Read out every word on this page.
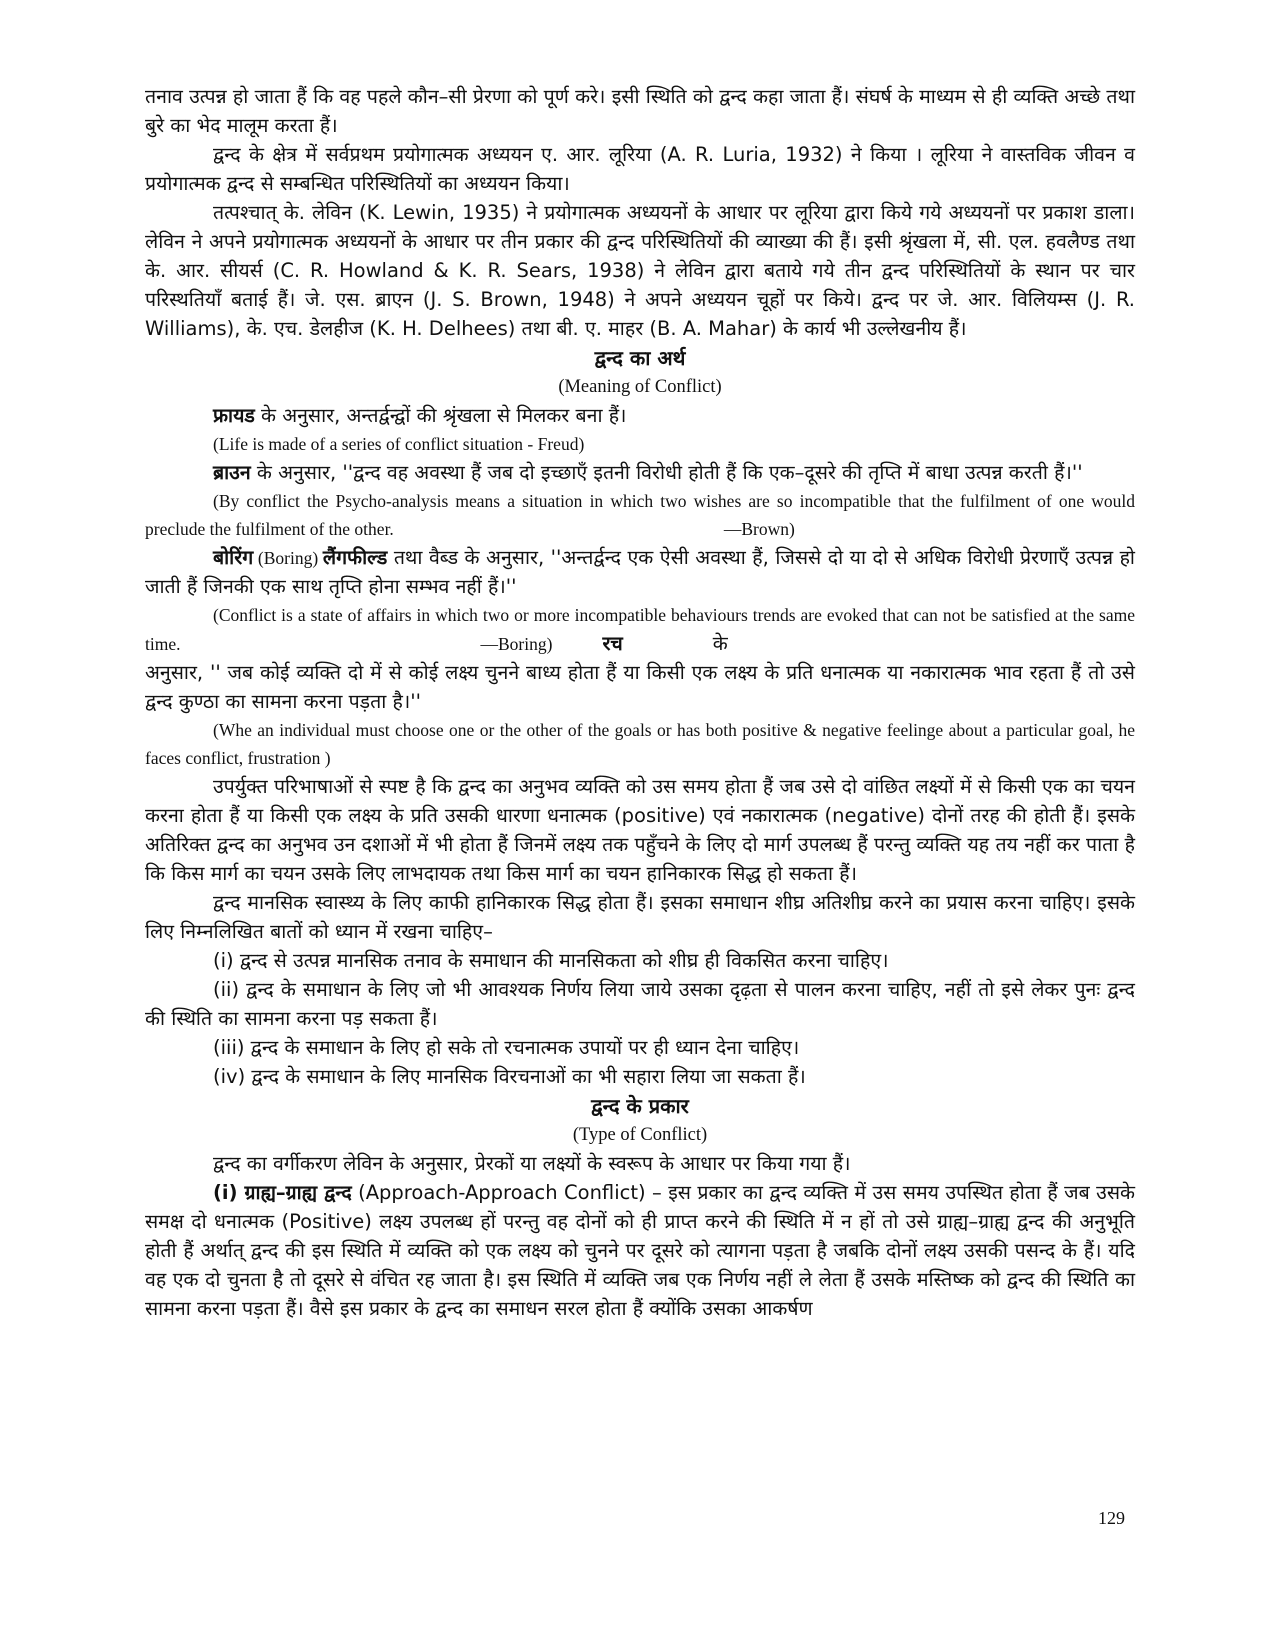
तनाव उत्पन्न हो जाता हैं कि वह पहले कौन–सी प्रेरणा को पूर्ण करे। इसी स्थिति को द्वन्द कहा जाता हैं। संघर्ष के माध्यम से ही व्यक्ति अच्छे तथा बुरे का भेद मालूम करता हैं।

द्वन्द के क्षेत्र में सर्वप्रथम प्रयोगात्मक अध्ययन ए. आर. लूरिया (A. R. Luria, 1932) ने किया । लूरिया ने वास्तविक जीवन व प्रयोगात्मक द्वन्द से सम्बन्धित परिस्थितियों का अध्ययन किया।

तत्पश्चात् के. लेविन (K. Lewin, 1935) ने प्रयोगात्मक अध्ययनों के आधार पर लूरिया द्वारा किये गये अध्ययनों पर प्रकाश डाला। लेविन ने अपने प्रयोगात्मक अध्ययनों के आधार पर तीन प्रकार की द्वन्द परिस्थितियों की व्याख्या की हैं। इसी श्रृंखला में, सी. एल. हवलैण्ड तथा के. आर. सीयर्स (C. R. Howland & K. R. Sears, 1938) ने लेविन द्वारा बताये गये तीन द्वन्द परिस्थितियों के स्थान पर चार परिस्थतियाँ बताई हैं। जे. एस. ब्राएन (J. S. Brown, 1948) ने अपने अध्ययन चूहों पर किये। द्वन्द पर जे. आर. विलियम्स (J. R. Williams), के. एच. डेलहीज (K. H. Delhees) तथा बी. ए. माहर (B. A. Mahar) के कार्य भी उल्लेखनीय हैं।

द्वन्द का अर्थ

(Meaning of Conflict)

फ्रायड के अनुसार, अन्तर्द्वन्द्वों की श्रृंखला से मिलकर बना हैं।

(Life is made of a series of conflict situation - Freud)

ब्राउन के अनुसार, ''द्वन्द वह अवस्था हैं जब दो इच्छाएँ इतनी विरोधी होती हैं कि एक–दूसरे की तृप्ति में बाधा उत्पन्न करती हैं।''

(By conflict the Psycho-analysis means a situation in which two wishes are so incompatible that the fulfilment of one would preclude the fulfilment of the other.	—Brown)

बोरिंग (Boring) लैंगफील्ड तथा वैब्ड के अनुसार, ''अन्तर्द्वन्द एक ऐसी अवस्था हैं, जिससे दो या दो से अधिक विरोधी प्रेरणाएँ उत्पन्न हो जाती हैं जिनकी एक साथ तृप्ति होना सम्भव नहीं हैं।''

(Conflict is a state of affairs in which two or more incompatible behaviours trends are evoked that can not be satisfied at the same time.	—Boring)	रच	के

अनुसार, '' जब कोई व्यक्ति दो में से कोई लक्ष्य चुनने बाध्य होता हैं या किसी एक लक्ष्य के प्रति धनात्मक या नकारात्मक भाव रहता हैं तो उसे द्वन्द कुण्ठा का सामना करना पड़ता है।''

(Whe an individual must choose one or the other of the goals or has both positive & negative feelinge about a particular goal, he faces conflict, frustration )

उपर्युक्त परिभाषाओं से स्पष्ट है कि द्वन्द का अनुभव व्यक्ति को उस समय होता हैं जब उसे दो वांछित लक्ष्यों में से किसी एक का चयन करना होता हैं या किसी एक लक्ष्य के प्रति उसकी धारणा धनात्मक (positive) एवं नकारात्मक (negative) दोनों तरह की होती हैं। इसके अतिरिक्त द्वन्द का अनुभव उन दशाओं में भी होता हैं जिनमें लक्ष्य तक पहुँचने के लिए दो मार्ग उपलब्ध हैं परन्तु व्यक्ति यह तय नहीं कर पाता है कि किस मार्ग का चयन उसके लिए लाभदायक तथा किस मार्ग का चयन हानिकारक सिद्ध हो सकता हैं।

द्वन्द मानसिक स्वास्थ्य के लिए काफी हानिकारक सिद्ध होता हैं। इसका समाधान शीघ्र अतिशीघ्र करने का प्रयास करना चाहिए। इसके लिए निम्नलिखित बातों को ध्यान में रखना चाहिए–

(i) द्वन्द से उत्पन्न मानसिक तनाव के समाधान की मानसिकता को शीघ्र ही विकसित करना चाहिए।

(ii) द्वन्द के समाधान के लिए जो भी आवश्यक निर्णय लिया जाये उसका दृढ़ता से पालन करना चाहिए, नहीं तो इसे लेकर पुनः द्वन्द की स्थिति का सामना करना पड़ सकता हैं।

(iii) द्वन्द के समाधान के लिए हो सके तो रचनात्मक उपायों पर ही ध्यान देना चाहिए।

(iv) द्वन्द के समाधान के लिए मानसिक विरचनाओं का भी सहारा लिया जा सकता हैं।

द्वन्द के प्रकार

(Type of Conflict)

द्वन्द का वर्गीकरण लेविन के अनुसार, प्रेरकों या लक्ष्यों के स्वरूप के आधार पर किया गया हैं।

(i) ग्राह्य–ग्राह्य द्वन्द (Approach-Approach Conflict) – इस प्रकार का द्वन्द व्यक्ति में उस समय उपस्थित होता हैं जब उसके समक्ष दो धनात्मक (Positive) लक्ष्य उपलब्ध हों परन्तु वह दोनों को ही प्राप्त करने की स्थिति में न हों तो उसे ग्राह्य–ग्राह्य द्वन्द की अनुभूति होती हैं अर्थात् द्वन्द की इस स्थिति में व्यक्ति को एक लक्ष्य को चुनने पर दूसरे को त्यागना पड़ता है जबकि दोनों लक्ष्य उसकी पसन्द के हैं। यदि वह एक दो चुनता है तो दूसरे से वंचित रह जाता है। इस स्थिति में व्यक्ति जब एक निर्णय नहीं ले लेता हैं उसके मस्तिष्क को द्वन्द की स्थिति का सामना करना पड़ता हैं। वैसे इस प्रकार के द्वन्द का समाधन सरल होता हैं क्योंकि उसका आकर्षण

129
